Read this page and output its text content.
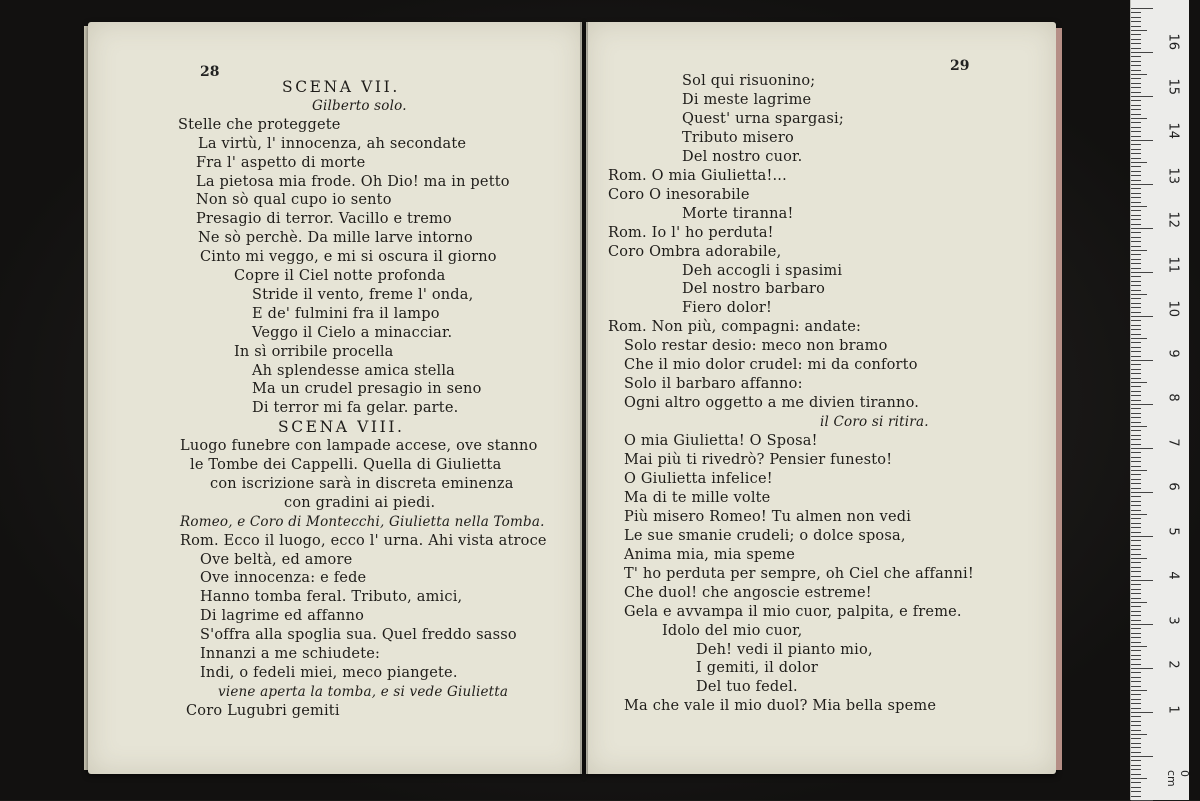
28
SCENA VII.
Gilberto solo.
Stelle che proteggete
La virtù, l' innocenza, ah secondate
Fra l' aspetto di morte
La pietosa mia frode. Oh Dio! ma in petto
Non sò qual cupo io sento
Presagio di terror. Vacillo e tremo
Ne sò perchè. Da mille larve intorno
Cinto mi veggo, e mi si oscura il giorno
Copre il Ciel notte profonda
Stride il vento, freme l' onda,
E de' fulmini fra il lampo
Veggo il Cielo a minacciar.
In sì orribile procella
Ah splendesse amica stella
Ma un crudel presagio in seno
Di terror mi fa gelar. parte.
SCENA VIII.
Luogo funebre con lampade accese, ove stanno
le Tombe dei Cappelli. Quella di Giulietta
con iscrizione sarà in discreta eminenza
con gradini ai piedi.
Romeo, e Coro di Montecchi, Giulietta nella Tomba.
Rom. Ecco il luogo, ecco l' urna. Ahi vista atroce
Ove beltà, ed amore
Ove innocenza: e fede
Hanno tomba feral. Tributo, amici,
Di lagrime ed affanno
S'offra alla spoglia sua. Quel freddo sasso
Innanzi a me schiudete:
Indi, o fedeli miei, meco piangete.
viene aperta la tomba, e si vede Giulietta
Coro Lugubri gemiti
29
Sol qui risuonino;
Di meste lagrime
Quest' urna spargasi;
Tributo misero
Del nostro cuor.
Rom. O mia Giulietta!...
Coro O inesorabile
Morte tiranna!
Rom. Io l' ho perduta!
Coro Ombra adorabile,
Deh accogli i spasimi
Del nostro barbaro
Fiero dolor!
Rom. Non più, compagni: andate:
Solo restar desio: meco non bramo
Che il mio dolor crudel: mi da conforto
Solo il barbaro affanno:
Ogni altro oggetto a me divien tiranno.
il Coro si ritira.
O mia Giulietta! O Sposa!
Mai più ti rivedrò? Pensier funesto!
O Giulietta infelice!
Ma di te mille volte
Più misero Romeo! Tu almen non vedi
Le sue smanie crudeli; o dolce sposa,
Anima mia, mia speme
T' ho perduta per sempre, oh Ciel che affanni!
Che duol! che angoscie estreme!
Gela e avvampa il mio cuor, palpita, e freme.
Idolo del mio cuor,
Deh! vedi il pianto mio,
I gemiti, il dolor
Del tuo fedel.
Ma che vale il mio duol? Mia bella speme
16
15
14
13
12
11
10
9
8
7
6
5
4
3
2
1
0 cm
